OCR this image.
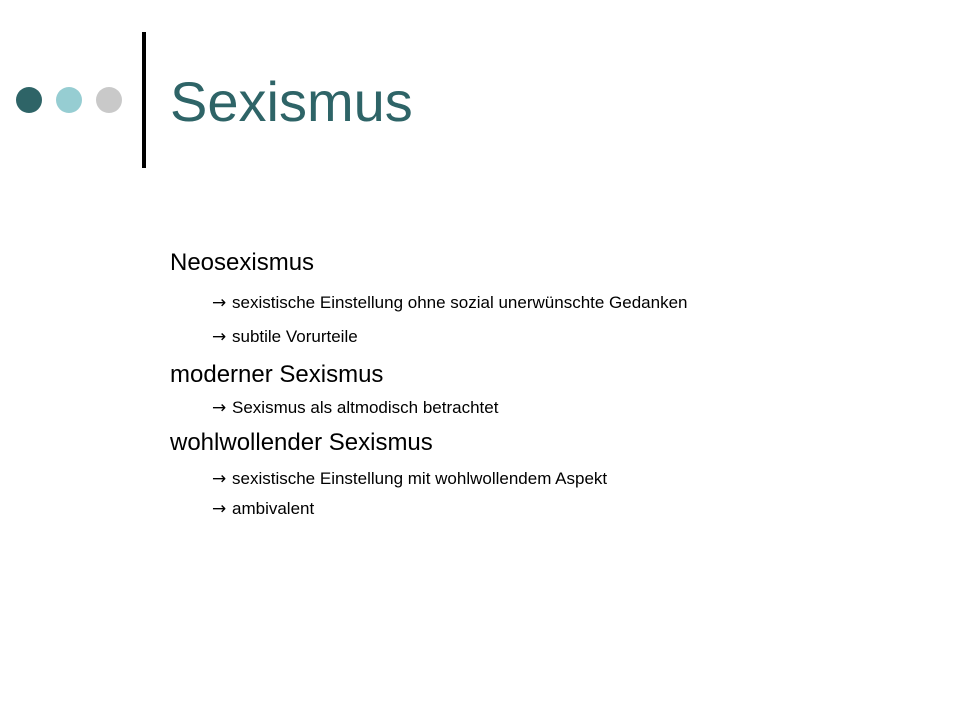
Sexismus
Neosexismus
→ sexistische Einstellung ohne sozial unerwünschte Gedanken
→ subtile Vorurteile
moderner Sexismus
→ Sexismus als altmodisch betrachtet
wohlwollender Sexismus
→ sexistische Einstellung mit wohlwollendem Aspekt
→ ambivalent
